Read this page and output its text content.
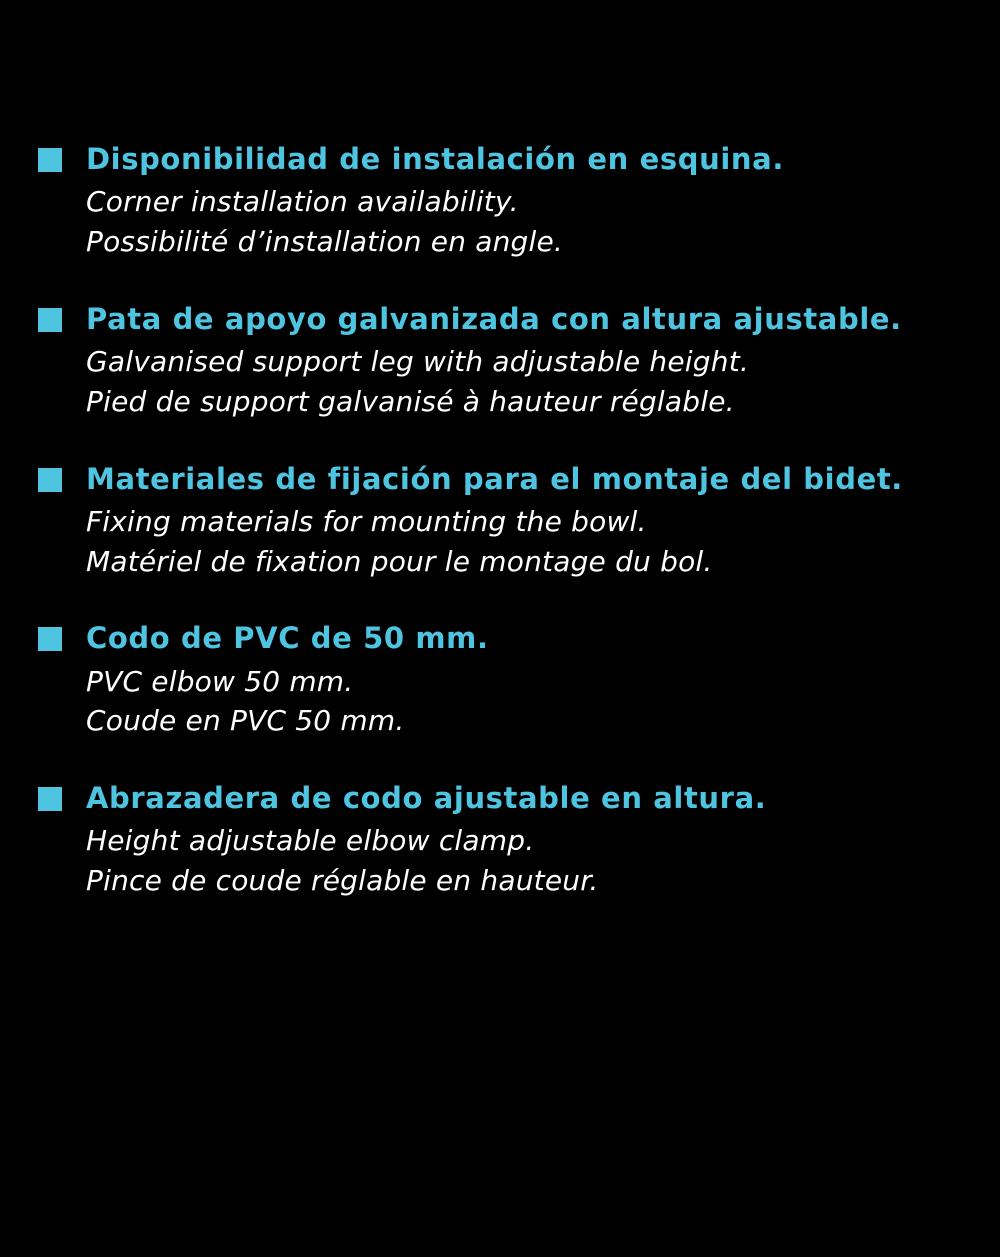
Disponibilidad de instalación en esquina.
Corner installation availability.
Possibilité d’installation en angle.
Pata de apoyo galvanizada con altura ajustable.
Galvanised support leg with adjustable height.
Pied de support galvanisé à hauteur réglable.
Materiales de fijación para el montaje del bidet.
Fixing materials for mounting the bowl.
Matériel de fixation pour le montage du bol.
Codo de PVC de 50 mm.
PVC elbow 50 mm.
Coude en PVC 50 mm.
Abrazadera de codo ajustable en altura.
Height adjustable elbow clamp.
Pince de coude réglable en hauteur.
